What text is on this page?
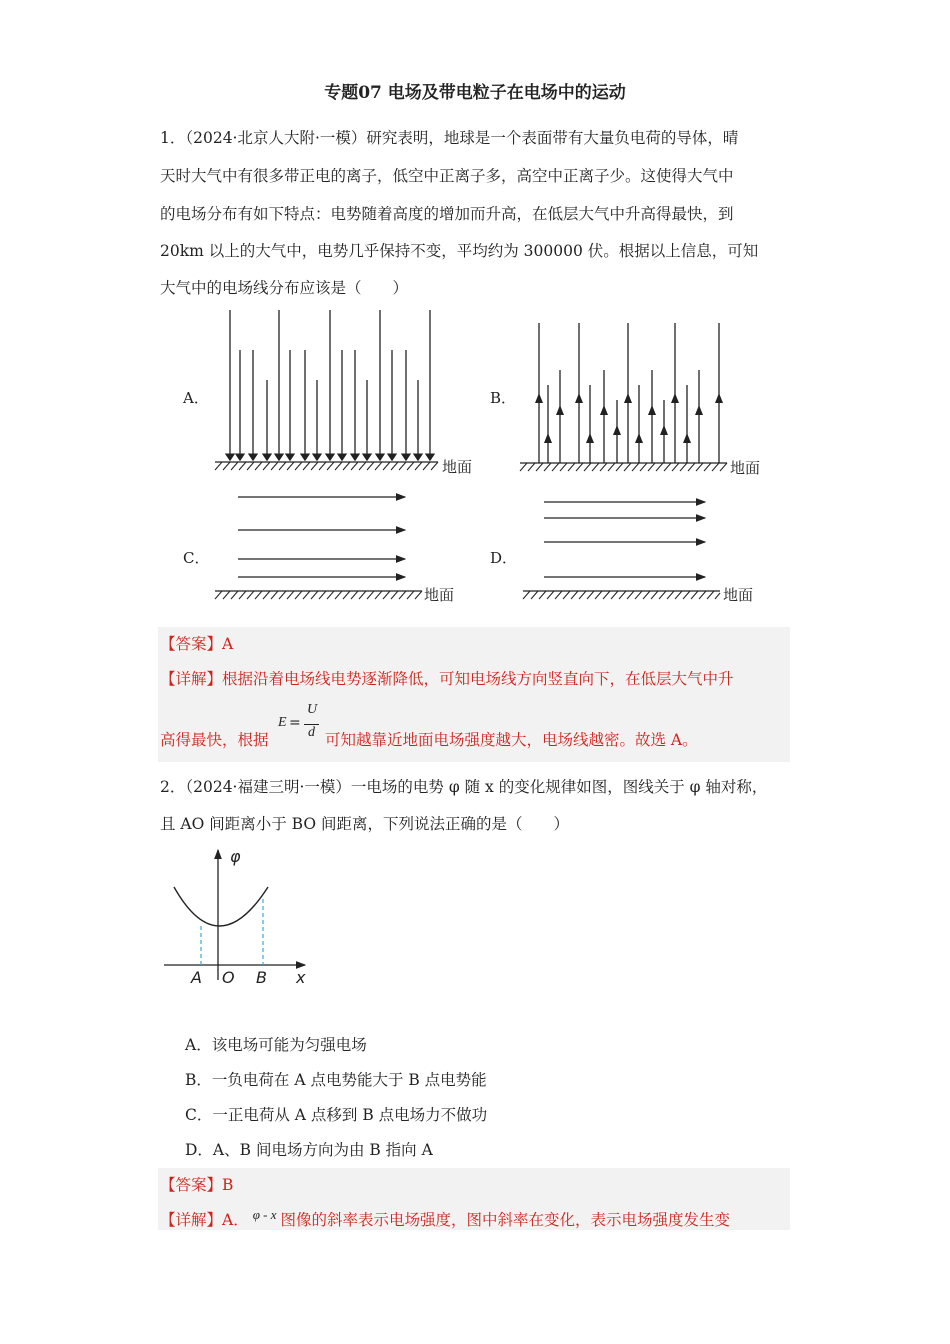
专题07 电场及带电粒子在电场中的运动
1．（2024·北京人大附·一模）研究表明，地球是一个表面带有大量负电荷的导体，晴
天时大气中有很多带正电的离子，低空中正离子多，高空中正离子少。这使得大气中
的电场分布有如下特点：电势随着高度的增加而升高，在低层大气中升高得最快，到
20km 以上的大气中，电势几乎保持不变，平均约为 300000 伏。根据以上信息，可知
大气中的电场线分布应该是（　　）
A．	B．
C．	D．
地面	地面
地面	地面
【答案】A
【详解】根据沿着电场线电势逐渐降低，可知电场线方向竖直向下，在低层大气中升
高得最快，根据
E =
U
d 可知越靠近地面电场强度越大，电场线越密。故选 A。
2．（2024·福建三明·一模）一电场的电势 φ 随 x 的变化规律如图，图线关于 φ 轴对称，
且 AO 间距离小于 BO 间距离，下列说法正确的是（　　）
φ
x
A O B
A．该电场可能为匀强电场
B．一负电荷在 A 点电势能大于 B 点电势能
C．一正电荷从 A 点移到 B 点电场力不做功
D．A、B 间电场方向为由 B 指向 A
【答案】B
【详解】A． $^{\varphi - x}$ 图像的斜率表示电场强度，图中斜率在变化，表示电场强度发生变
